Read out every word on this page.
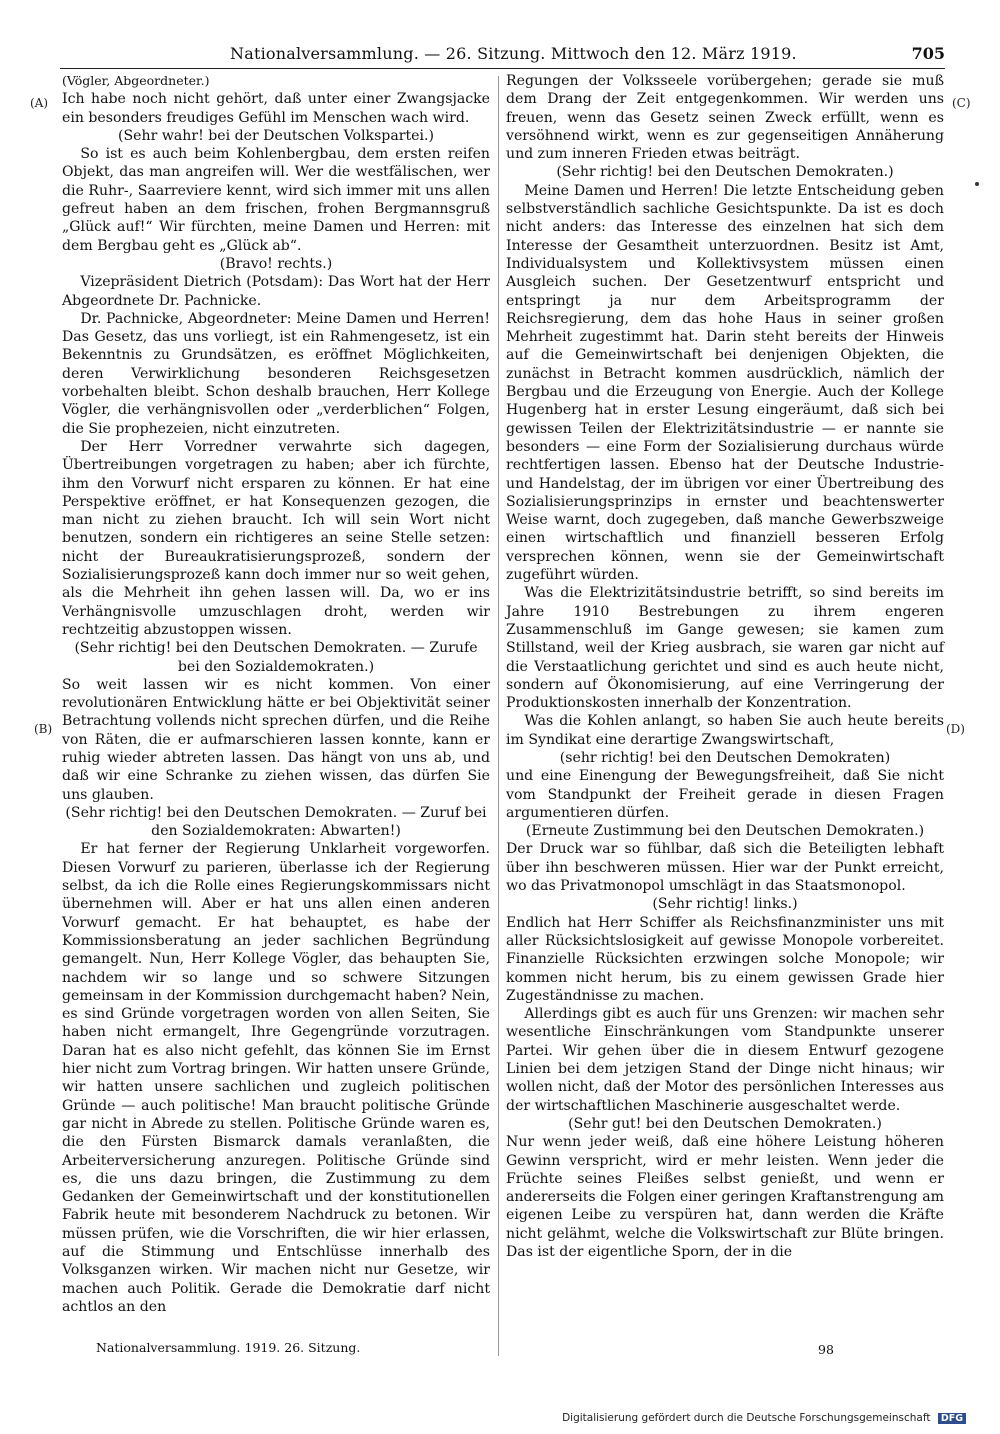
Nationalversammlung. — 26. Sitzung. Mittwoch den 12. März 1919.	705
(A)
(B)
(C)
(D)

(Vögler, Abgeordneter.)

Ich habe noch nicht gehört, daß unter einer Zwangsjacke ein besonders freudiges Gefühl im Menschen wach wird.

(Sehr wahr! bei der Deutschen Volkspartei.)

So ist es auch beim Kohlenbergbau, dem ersten reifen Objekt, das man angreifen will. Wer die westfälischen, wer die Ruhr-, Saarreviere kennt, wird sich immer mit uns allen gefreut haben an dem frischen, frohen Bergmannsgruß „Glück auf!“ Wir fürchten, meine Damen und Herren: mit dem Bergbau geht es „Glück ab“.

(Bravo! rechts.)

Vizepräsident Dietrich (Potsdam): Das Wort hat der Herr Abgeordnete Dr. Pachnicke.

Dr. Pachnicke, Abgeordneter: Meine Damen und Herren! Das Gesetz, das uns vorliegt, ist ein Rahmengesetz, ist ein Bekenntnis zu Grundsätzen, es eröffnet Möglichkeiten, deren Verwirklichung besonderen Reichsgesetzen vorbehalten bleibt. Schon deshalb brauchen, Herr Kollege Vögler, die verhängnisvollen oder „verderblichen“ Folgen, die Sie prophezeien, nicht einzutreten.

Der Herr Vorredner verwahrte sich dagegen, Übertreibungen vorgetragen zu haben; aber ich fürchte, ihm den Vorwurf nicht ersparen zu können. Er hat eine Perspektive eröffnet, er hat Konsequenzen gezogen, die man nicht zu ziehen braucht. Ich will sein Wort nicht benutzen, sondern ein richtigeres an seine Stelle setzen: nicht der Bureaukratisierungsprozeß, sondern der Sozialisierungsprozeß kann doch immer nur so weit gehen, als die Mehrheit ihn gehen lassen will. Da, wo er ins Verhängnisvolle umzuschlagen droht, werden wir rechtzeitig abzustoppen wissen.

(Sehr richtig! bei den Deutschen Demokraten. — Zurufe bei den Sozialdemokraten.)

So weit lassen wir es nicht kommen. Von einer revolutionären Entwicklung hätte er bei Objektivität seiner Betrachtung vollends nicht sprechen dürfen, und die Reihe von Räten, die er aufmarschieren lassen konnte, kann er ruhig wieder abtreten lassen. Das hängt von uns ab, und daß wir eine Schranke zu ziehen wissen, das dürfen Sie uns glauben.

(Sehr richtig! bei den Deutschen Demokraten. — Zuruf bei den Sozialdemokraten: Abwarten!)

Er hat ferner der Regierung Unklarheit vorgeworfen. Diesen Vorwurf zu parieren, überlasse ich der Regierung selbst, da ich die Rolle eines Regierungskommissars nicht übernehmen will. Aber er hat uns allen einen anderen Vorwurf gemacht. Er hat behauptet, es habe der Kommissionsberatung an jeder sachlichen Begründung gemangelt. Nun, Herr Kollege Vögler, das behaupten Sie, nachdem wir so lange und so schwere Sitzungen gemeinsam in der Kommission durchgemacht haben? Nein, es sind Gründe vorgetragen worden von allen Seiten, Sie haben nicht ermangelt, Ihre Gegengründe vorzutragen. Daran hat es also nicht gefehlt, das können Sie im Ernst hier nicht zum Vortrag bringen. Wir hatten unsere Gründe, wir hatten unsere sachlichen und zugleich politischen Gründe — auch politische! Man braucht politische Gründe gar nicht in Abrede zu stellen. Politische Gründe waren es, die den Fürsten Bismarck damals veranlaßten, die Arbeiterversicherung anzuregen. Politische Gründe sind es, die uns dazu bringen, die Zustimmung zu dem Gedanken der Gemeinwirtschaft und der konstitutionellen Fabrik heute mit besonderem Nachdruck zu betonen. Wir müssen prüfen, wie die Vorschriften, die wir hier erlassen, auf die Stimmung und Entschlüsse innerhalb des Volksganzen wirken. Wir machen nicht nur Gesetze, wir machen auch Politik. Gerade die Demokratie darf nicht achtlos an den

Regungen der Volksseele vorübergehen; gerade sie muß dem Drang der Zeit entgegenkommen. Wir werden uns freuen, wenn das Gesetz seinen Zweck erfüllt, wenn es versöhnend wirkt, wenn es zur gegenseitigen Annäherung und zum inneren Frieden etwas beiträgt.

(Sehr richtig! bei den Deutschen Demokraten.)

Meine Damen und Herren! Die letzte Entscheidung geben selbstverständlich sachliche Gesichtspunkte. Da ist es doch nicht anders: das Interesse des einzelnen hat sich dem Interesse der Gesamtheit unterzuordnen. Besitz ist Amt, Individualsystem und Kollektivsystem müssen einen Ausgleich suchen. Der Gesetzentwurf entspricht und entspringt ja nur dem Arbeitsprogramm der Reichsregierung, dem das hohe Haus in seiner großen Mehrheit zugestimmt hat. Darin steht bereits der Hinweis auf die Gemeinwirtschaft bei denjenigen Objekten, die zunächst in Betracht kommen ausdrücklich, nämlich der Bergbau und die Erzeugung von Energie. Auch der Kollege Hugenberg hat in erster Lesung eingeräumt, daß sich bei gewissen Teilen der Elektrizitätsindustrie — er nannte sie besonders — eine Form der Sozialisierung durchaus würde rechtfertigen lassen. Ebenso hat der Deutsche Industrie- und Handelstag, der im übrigen vor einer Übertreibung des Sozialisierungsprinzips in ernster und beachtenswerter Weise warnt, doch zugegeben, daß manche Gewerbszweige einen wirtschaftlich und finanziell besseren Erfolg versprechen können, wenn sie der Gemeinwirtschaft zugeführt würden.

Was die Elektrizitätsindustrie betrifft, so sind bereits im Jahre 1910 Bestrebungen zu ihrem engeren Zusammenschluß im Gange gewesen; sie kamen zum Stillstand, weil der Krieg ausbrach, sie waren gar nicht auf die Verstaatlichung gerichtet und sind es auch heute nicht, sondern auf Ökonomisierung, auf eine Verringerung der Produktionskosten innerhalb der Konzentration.

Was die Kohlen anlangt, so haben Sie auch heute bereits im Syndikat eine derartige Zwangswirtschaft,

(sehr richtig! bei den Deutschen Demokraten)

und eine Einengung der Bewegungsfreiheit, daß Sie nicht vom Standpunkt der Freiheit gerade in diesen Fragen argumentieren dürfen.

(Erneute Zustimmung bei den Deutschen Demokraten.)

Der Druck war so fühlbar, daß sich die Beteiligten lebhaft über ihn beschweren müssen. Hier war der Punkt erreicht, wo das Privatmonopol umschlägt in das Staatsmonopol.

(Sehr richtig! links.)

Endlich hat Herr Schiffer als Reichsfinanzminister uns mit aller Rücksichtslosigkeit auf gewisse Monopole vorbereitet. Finanzielle Rücksichten erzwingen solche Monopole; wir kommen nicht herum, bis zu einem gewissen Grade hier Zugeständnisse zu machen.

Allerdings gibt es auch für uns Grenzen: wir machen sehr wesentliche Einschränkungen vom Standpunkte unserer Partei. Wir gehen über die in diesem Entwurf gezogene Linien bei dem jetzigen Stand der Dinge nicht hinaus; wir wollen nicht, daß der Motor des persönlichen Interesses aus der wirtschaftlichen Maschinerie ausgeschaltet werde.

(Sehr gut! bei den Deutschen Demokraten.)

Nur wenn jeder weiß, daß eine höhere Leistung höheren Gewinn verspricht, wird er mehr leisten. Wenn jeder die Früchte seines Fleißes selbst genießt, und wenn er andererseits die Folgen einer geringen Kraftanstrengung am eigenen Leibe zu verspüren hat, dann werden die Kräfte nicht gelähmt, welche die Volkswirtschaft zur Blüte bringen. Das ist der eigentliche Sporn, der in die

Nationalversammlung. 1919. 26. Sitzung.	98
Digitalisierung gefördert durch die Deutsche Forschungsgemeinschaft DFG
